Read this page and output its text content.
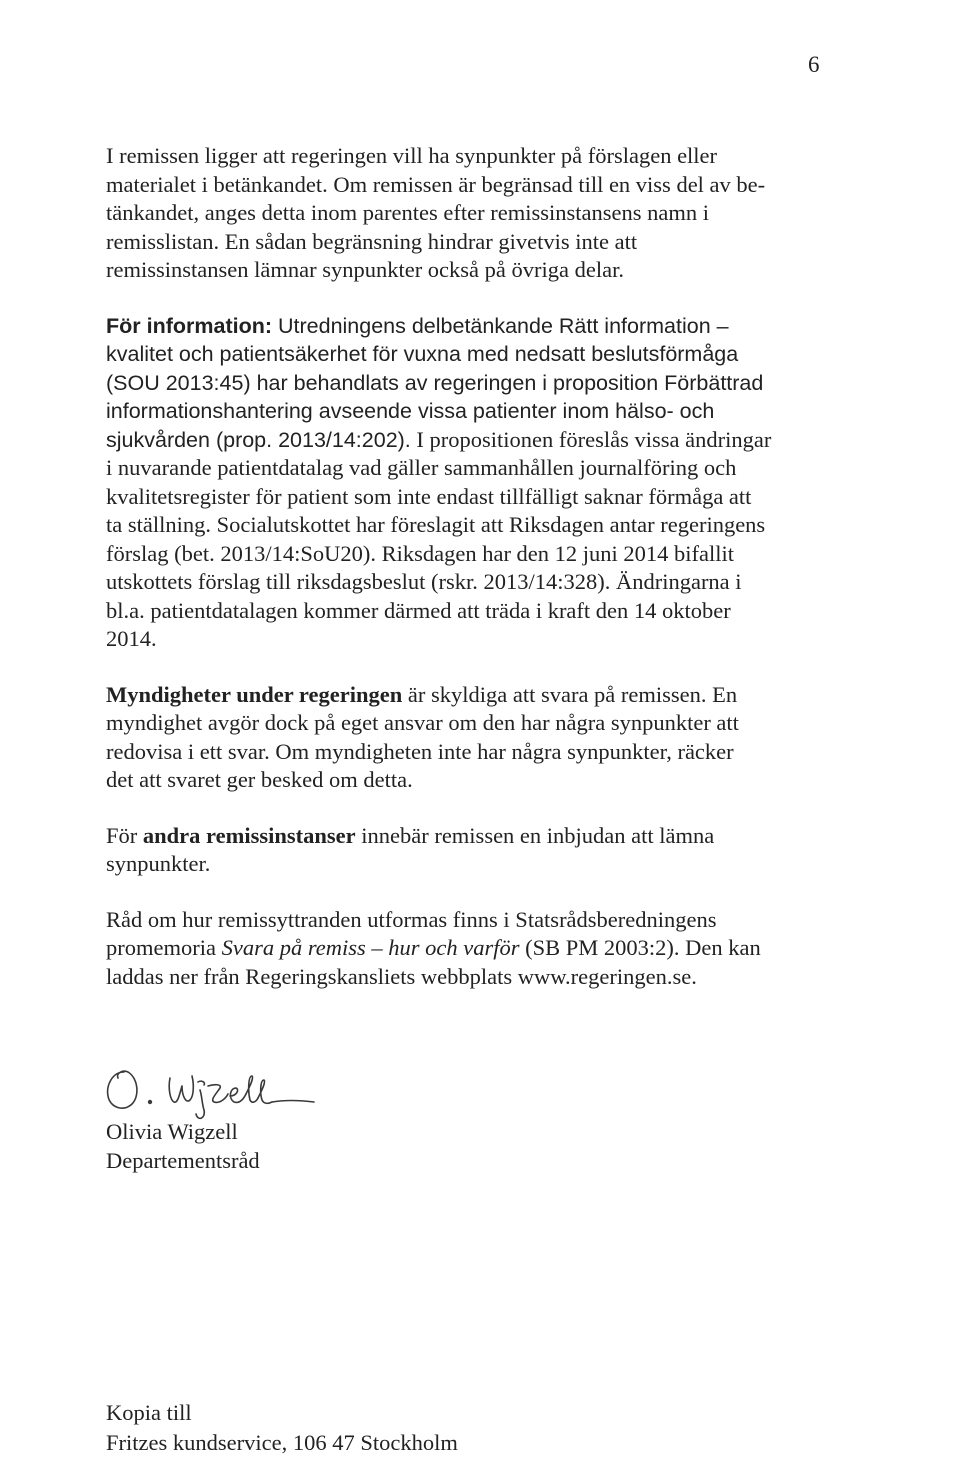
6
I remissen ligger att regeringen vill ha synpunkter på förslagen eller
materialet i betänkandet. Om remissen är begränsad till en viss del av be-
tänkandet, anges detta inom parentes efter remissinstansens namn i
remisslistan. En sådan begränsning hindrar givetvis inte att
remissinstansen lämnar synpunkter också på övriga delar.
För information: Utredningens delbetänkande Rätt information –
kvalitet och patientsäkerhet för vuxna med nedsatt beslutsförmåga
(SOU 2013:45) har behandlats av regeringen i proposition Förbättrad
informationshantering avseende vissa patienter inom hälso- och
sjukvården (prop. 2013/14:202). I propositionen föreslås vissa ändringar
i nuvarande patientdatalag vad gäller sammanhållen journalföring och
kvalitetsregister för patient som inte endast tillfälligt saknar förmåga att
ta ställning. Socialutskottet har föreslagit att Riksdagen antar regeringens
förslag (bet. 2013/14:SoU20). Riksdagen har den 12 juni 2014 bifallit
utskottets förslag till riksdagsbeslut (rskr. 2013/14:328). Ändringarna i
bl.a. patientdatalagen kommer därmed att träda i kraft den 14 oktober
2014.
Myndigheter under regeringen är skyldiga att svara på remissen. En
myndighet avgör dock på eget ansvar om den har några synpunkter att
redovisa i ett svar. Om myndigheten inte har några synpunkter, räcker
det att svaret ger besked om detta.
För andra remissinstanser innebär remissen en inbjudan att lämna
synpunkter.
Råd om hur remissyttranden utformas finns i Statsrådsberedningens
promemoria Svara på remiss – hur och varför (SB PM 2003:2). Den kan
laddas ner från Regeringskansliets webbplats www.regeringen.se.
Olivia Wigzell
Departementsråd
Kopia till
Fritzes kundservice, 106 47 Stockholm
